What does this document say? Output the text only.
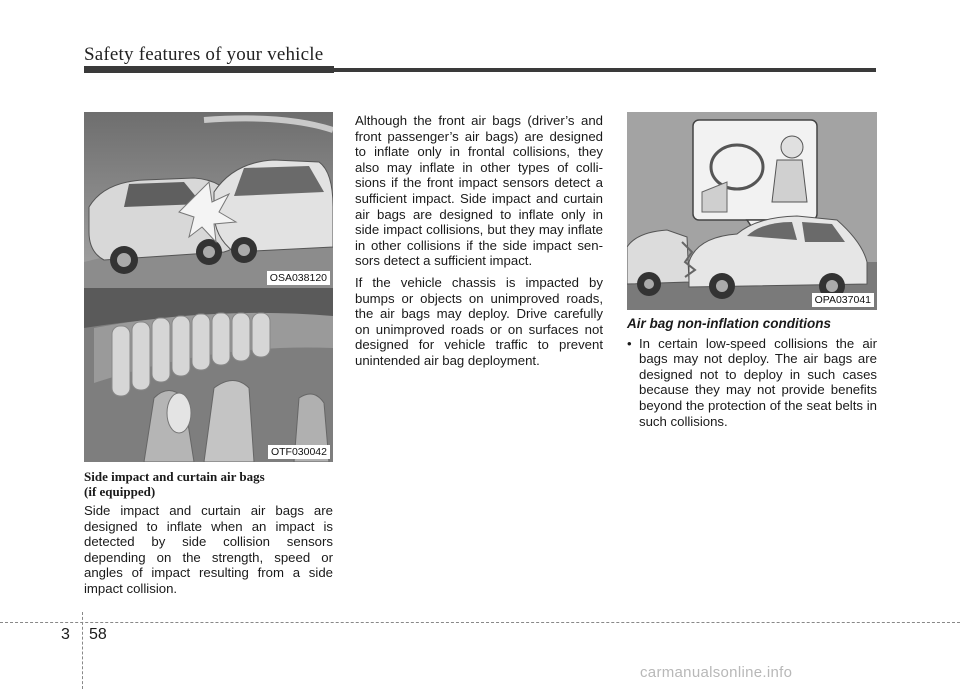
Safety features of your vehicle
OSA038120
OTF030042
Side impact and curtain air bags
(if equipped)

Side impact and curtain air bags are designed to inflate when an impact is detected by side collision sensors depending on the strength, speed or angles of impact resulting from a side impact collision.

Although the front air bags (driver’s and front passenger’s air bags) are designed to inflate only in frontal collisions, they also may inflate in other types of colli-sions if the front impact sensors detect a sufficient impact. Side impact and curtain air bags are designed to inflate only in side impact collisions, but they may inflate in other collisions if the side impact sen-sors detect a sufficient impact.

If the vehicle chassis is impacted by bumps or objects on unimproved roads, the air bags may deploy. Drive carefully on unimproved roads or on surfaces not designed for vehicle traffic to prevent unintended air bag deployment.

OPA037041
Air bag non-inflation conditions
• In certain low-speed collisions the air bags may not deploy. The air bags are designed not to deploy in such cases because they may not provide benefits beyond the protection of the seat belts in such collisions.
3 58
carmanualsonline.info
